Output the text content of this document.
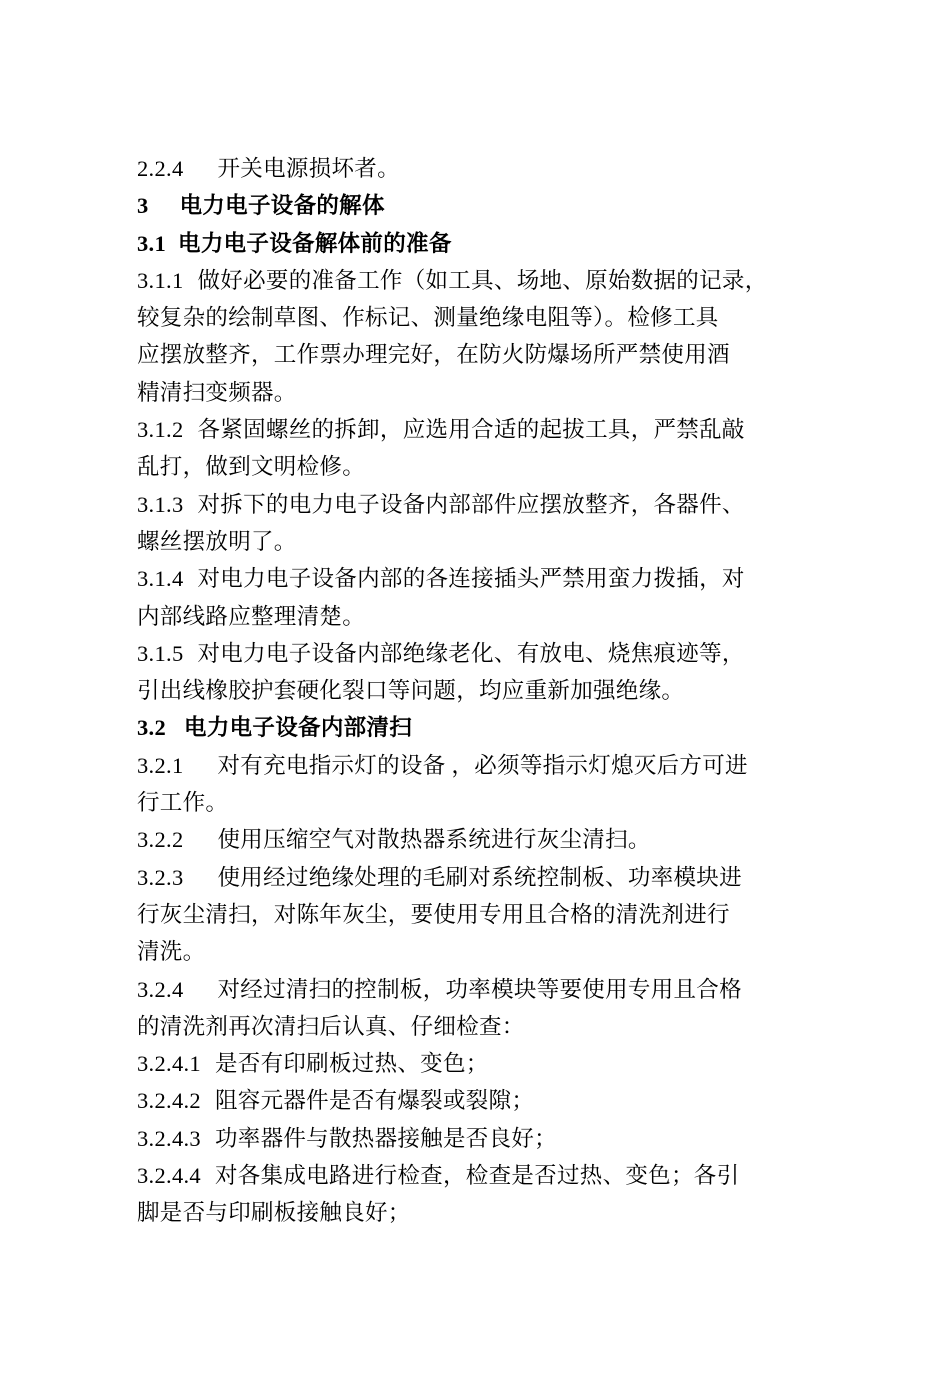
2.2.4 开关电源损坏者。
3 电力电子设备的解体
3.1 电力电子设备解体前的准备
3.1.1 做好必要的准备工作（如工具、场地、原始数据的记录，
较复杂的绘制草图、作标记、测量绝缘电阻等）。检修工具
应摆放整齐，工作票办理完好，在防火防爆场所严禁使用酒
精清扫变频器。
3.1.2 各紧固螺丝的拆卸，应选用合适的起拔工具，严禁乱敲
乱打，做到文明检修。
3.1.3 对拆下的电力电子设备内部部件应摆放整齐，各器件、
螺丝摆放明了。
3.1.4 对电力电子设备内部的各连接插头严禁用蛮力拨插，对
内部线路应整理清楚。
3.1.5 对电力电子设备内部绝缘老化、有放电、烧焦痕迹等，
引出线橡胶护套硬化裂口等问题，均应重新加强绝缘。
3.2 电力电子设备内部清扫
3.2.1 对有充电指示灯的设备 ，必须等指示灯熄灭后方可进
行工作。
3.2.2 使用压缩空气对散热器系统进行灰尘清扫。
3.2.3 使用经过绝缘处理的毛刷对系统控制板、功率模块进
行灰尘清扫，对陈年灰尘，要使用专用且合格的清洗剂进行
清洗。
3.2.4 对经过清扫的控制板，功率模块等要使用专用且合格
的清洗剂再次清扫后认真、仔细检查：
3.2.4.1 是否有印刷板过热、变色；
3.2.4.2 阻容元器件是否有爆裂或裂隙；
3.2.4.3 功率器件与散热器接触是否良好；
3.2.4.4 对各集成电路进行检查，检查是否过热、变色；各引
脚是否与印刷板接触良好；
